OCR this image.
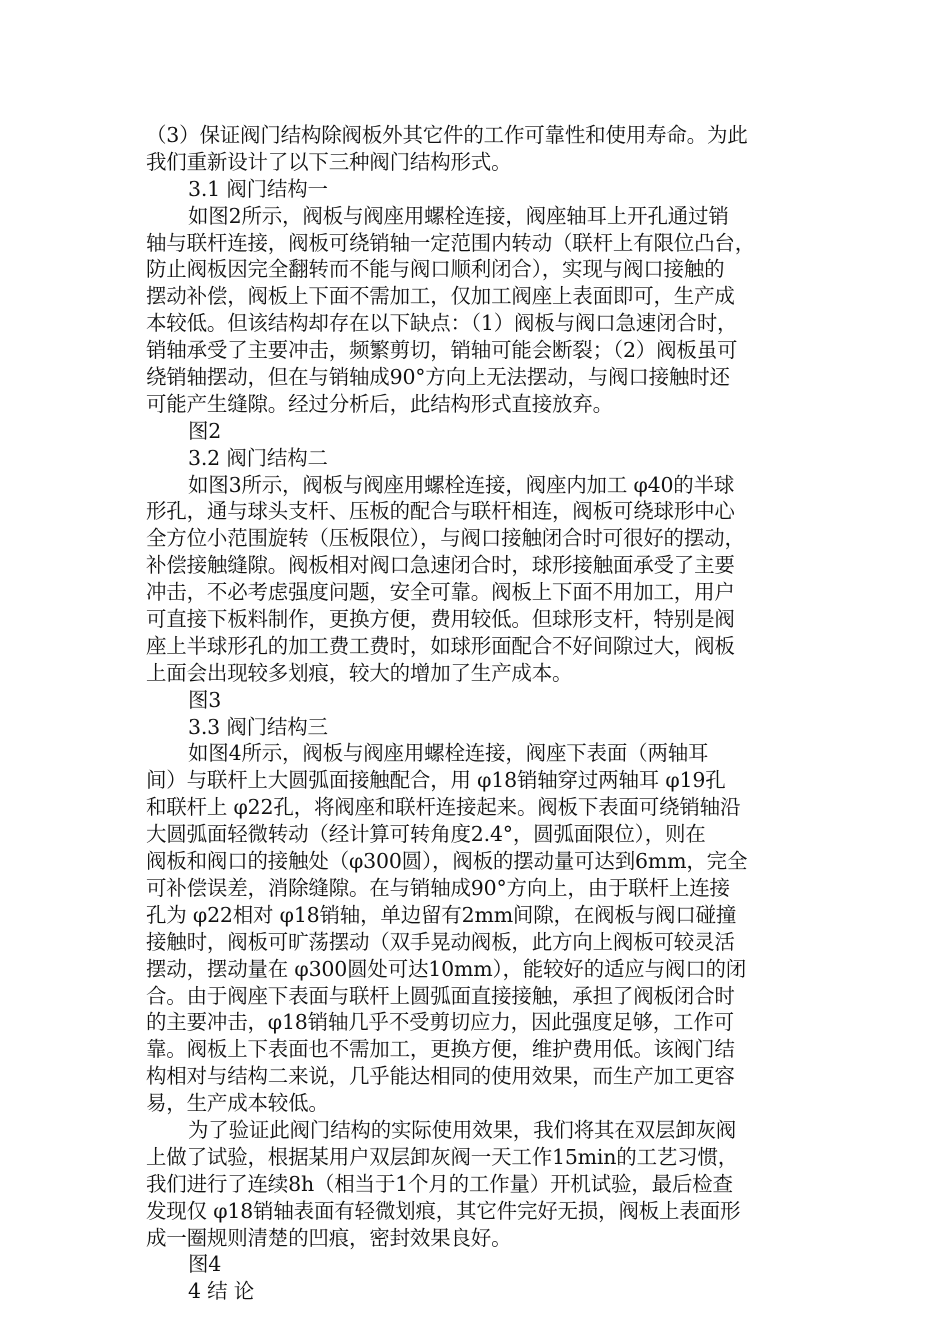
（3）保证阀门结构除阀板外其它件的工作可靠性和使用寿命。为此
我们重新设计了以下三种阀门结构形式。
3.1 阀门结构一
如图2所示，阀板与阀座用螺栓连接，阀座轴耳上开孔通过销
轴与联杆连接，阀板可绕销轴一定范围内转动（联杆上有限位凸台，
防止阀板因完全翻转而不能与阀口顺利闭合），实现与阀口接触的
摆动补偿，阀板上下面不需加工，仅加工阀座上表面即可，生产成
本较低。但该结构却存在以下缺点：（1）阀板与阀口急速闭合时，
销轴承受了主要冲击，频繁剪切，销轴可能会断裂；（2）阀板虽可
绕销轴摆动，但在与销轴成90°方向上无法摆动，与阀口接触时还
可能产生缝隙。经过分析后，此结构形式直接放弃。
图2
3.2 阀门结构二
如图3所示，阀板与阀座用螺栓连接，阀座内加工 φ40的半球
形孔，通与球头支杆、压板的配合与联杆相连，阀板可绕球形中心
全方位小范围旋转（压板限位），与阀口接触闭合时可很好的摆动，
补偿接触缝隙。阀板相对阀口急速闭合时，球形接触面承受了主要
冲击，不必考虑强度问题，安全可靠。阀板上下面不用加工，用户
可直接下板料制作，更换方便，费用较低。但球形支杆，特别是阀
座上半球形孔的加工费工费时，如球形面配合不好间隙过大，阀板
上面会出现较多划痕，较大的增加了生产成本。
图3
3.3 阀门结构三
如图4所示，阀板与阀座用螺栓连接，阀座下表面（两轴耳
间）与联杆上大圆弧面接触配合，用 φ18销轴穿过两轴耳 φ19孔
和联杆上 φ22孔，将阀座和联杆连接起来。阀板下表面可绕销轴沿
大圆弧面轻微转动（经计算可转角度2.4°，圆弧面限位），则在
阀板和阀口的接触处（φ300圆），阀板的摆动量可达到6mm，完全
可补偿误差，消除缝隙。在与销轴成90°方向上，由于联杆上连接
孔为 φ22相对 φ18销轴，单边留有2mm间隙，在阀板与阀口碰撞
接触时，阀板可旷荡摆动（双手晃动阀板，此方向上阀板可较灵活
摆动，摆动量在 φ300圆处可达10mm），能较好的适应与阀口的闭
合。由于阀座下表面与联杆上圆弧面直接接触，承担了阀板闭合时
的主要冲击，φ18销轴几乎不受剪切应力，因此强度足够，工作可
靠。阀板上下表面也不需加工，更换方便，维护费用低。该阀门结
构相对与结构二来说，几乎能达相同的使用效果，而生产加工更容
易，生产成本较低。
为了验证此阀门结构的实际使用效果，我们将其在双层卸灰阀
上做了试验，根据某用户双层卸灰阀一天工作15min的工艺习惯，
我们进行了连续8h（相当于1个月的工作量）开机试验，最后检查
发现仅 φ18销轴表面有轻微划痕，其它件完好无损，阀板上表面形
成一圈规则清楚的凹痕，密封效果良好。
图4
4 结 论
